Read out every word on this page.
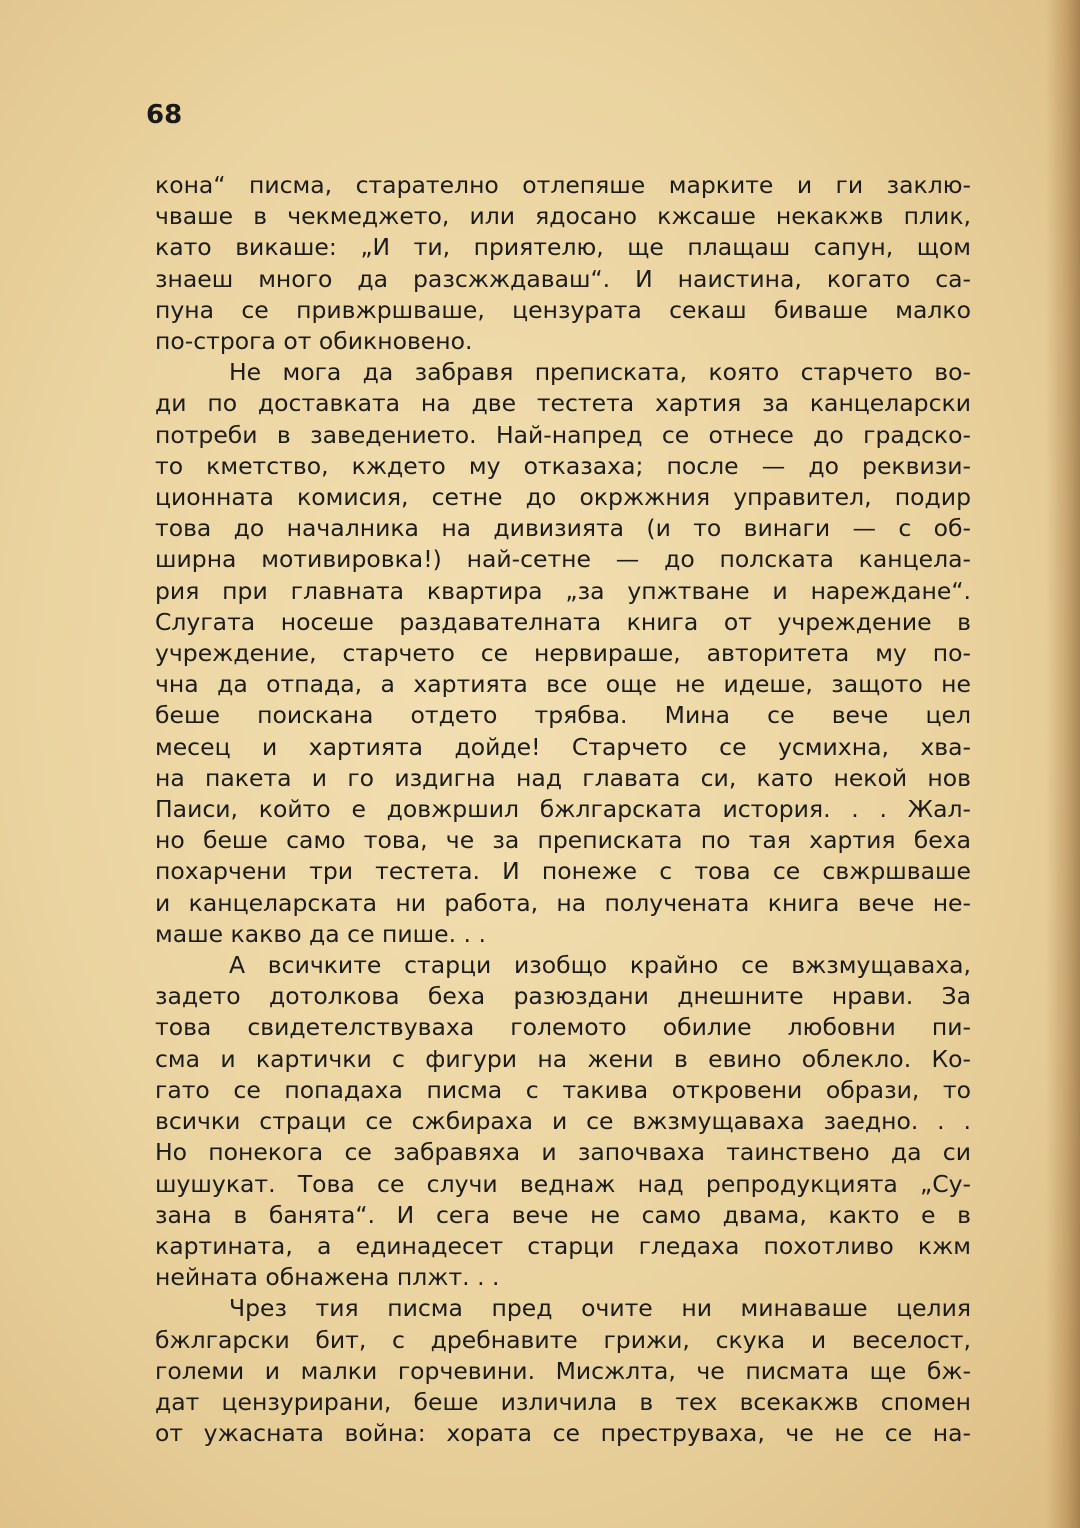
68
кона“ писма, старателно отлепяше марките и ги заклю-
чваше в чекмеджето, или ядосано кжсаше некакжв плик,
като викаше: „И ти, приятелю, ще плащаш сапун, щом
знаеш много да разсжждаваш“. И наистина, когато са-
пуна се привжршваше, цензурата секаш биваше малко
по-строга от обикновено.
Не мога да забравя преписката, която старчето во-
ди по доставката на две тестета хартия за канцеларски
потреби в заведението. Най-напред се отнесе до градско-
то кметство, кждето му отказаха; после — до реквизи-
ционната комисия, сетне до окржжния управител, подир
това до началника на дивизията (и то винаги — с об-
ширна мотивировка!) най-сетне — до полската канцела-
рия при главната квартира „за упжтване и нареждане“.
Слугата носеше раздавателната книга от учреждение в
учреждение, старчето се нервираше, авторитета му по-
чна да отпада, а хартията все още не идеше, защото не
беше поискана отдето трябва. Мина се вече цел
месец и хартията дойде! Старчето се усмихна, хва-
на пакета и го издигна над главата си, като некой нов
Паиси, който е довжршил бжлгарската история. . . Жал-
но беше само това, че за преписката по тая хартия беха
похарчени три тестета. И понеже с това се свжршваше
и канцеларската ни работа, на получената книга вече не-
маше какво да се пише. . .
А всичките старци изобщо крайно се вжзмущаваха,
задето дотолкова беха разюздани днешните нрави. За
това свидетелствуваха големото обилие любовни пи-
сма и картички с фигури на жени в евино облекло. Ко-
гато се попадаха писма с такива откровени образи, то
всички страци се сжбираха и се вжзмущаваха заедно. . .
Но понекога се забравяха и започваха таинствено да си
шушукат. Това се случи веднаж над репродукцията „Су-
зана в банята“. И сега вече не само двама, както е в
картината, а единадесет старци гледаха похотливо кжм
нейната обнажена плжт. . .
Чрез тия писма пред очите ни минаваше целия
бжлгарски бит, с дребнавите грижи, скука и веселост,
големи и малки горчевини. Мисжлта, че писмата ще бж-
дат цензурирани, беше изличила в тех всекакжв спомен
от ужасната война: хората се преструваха, че не се на-
